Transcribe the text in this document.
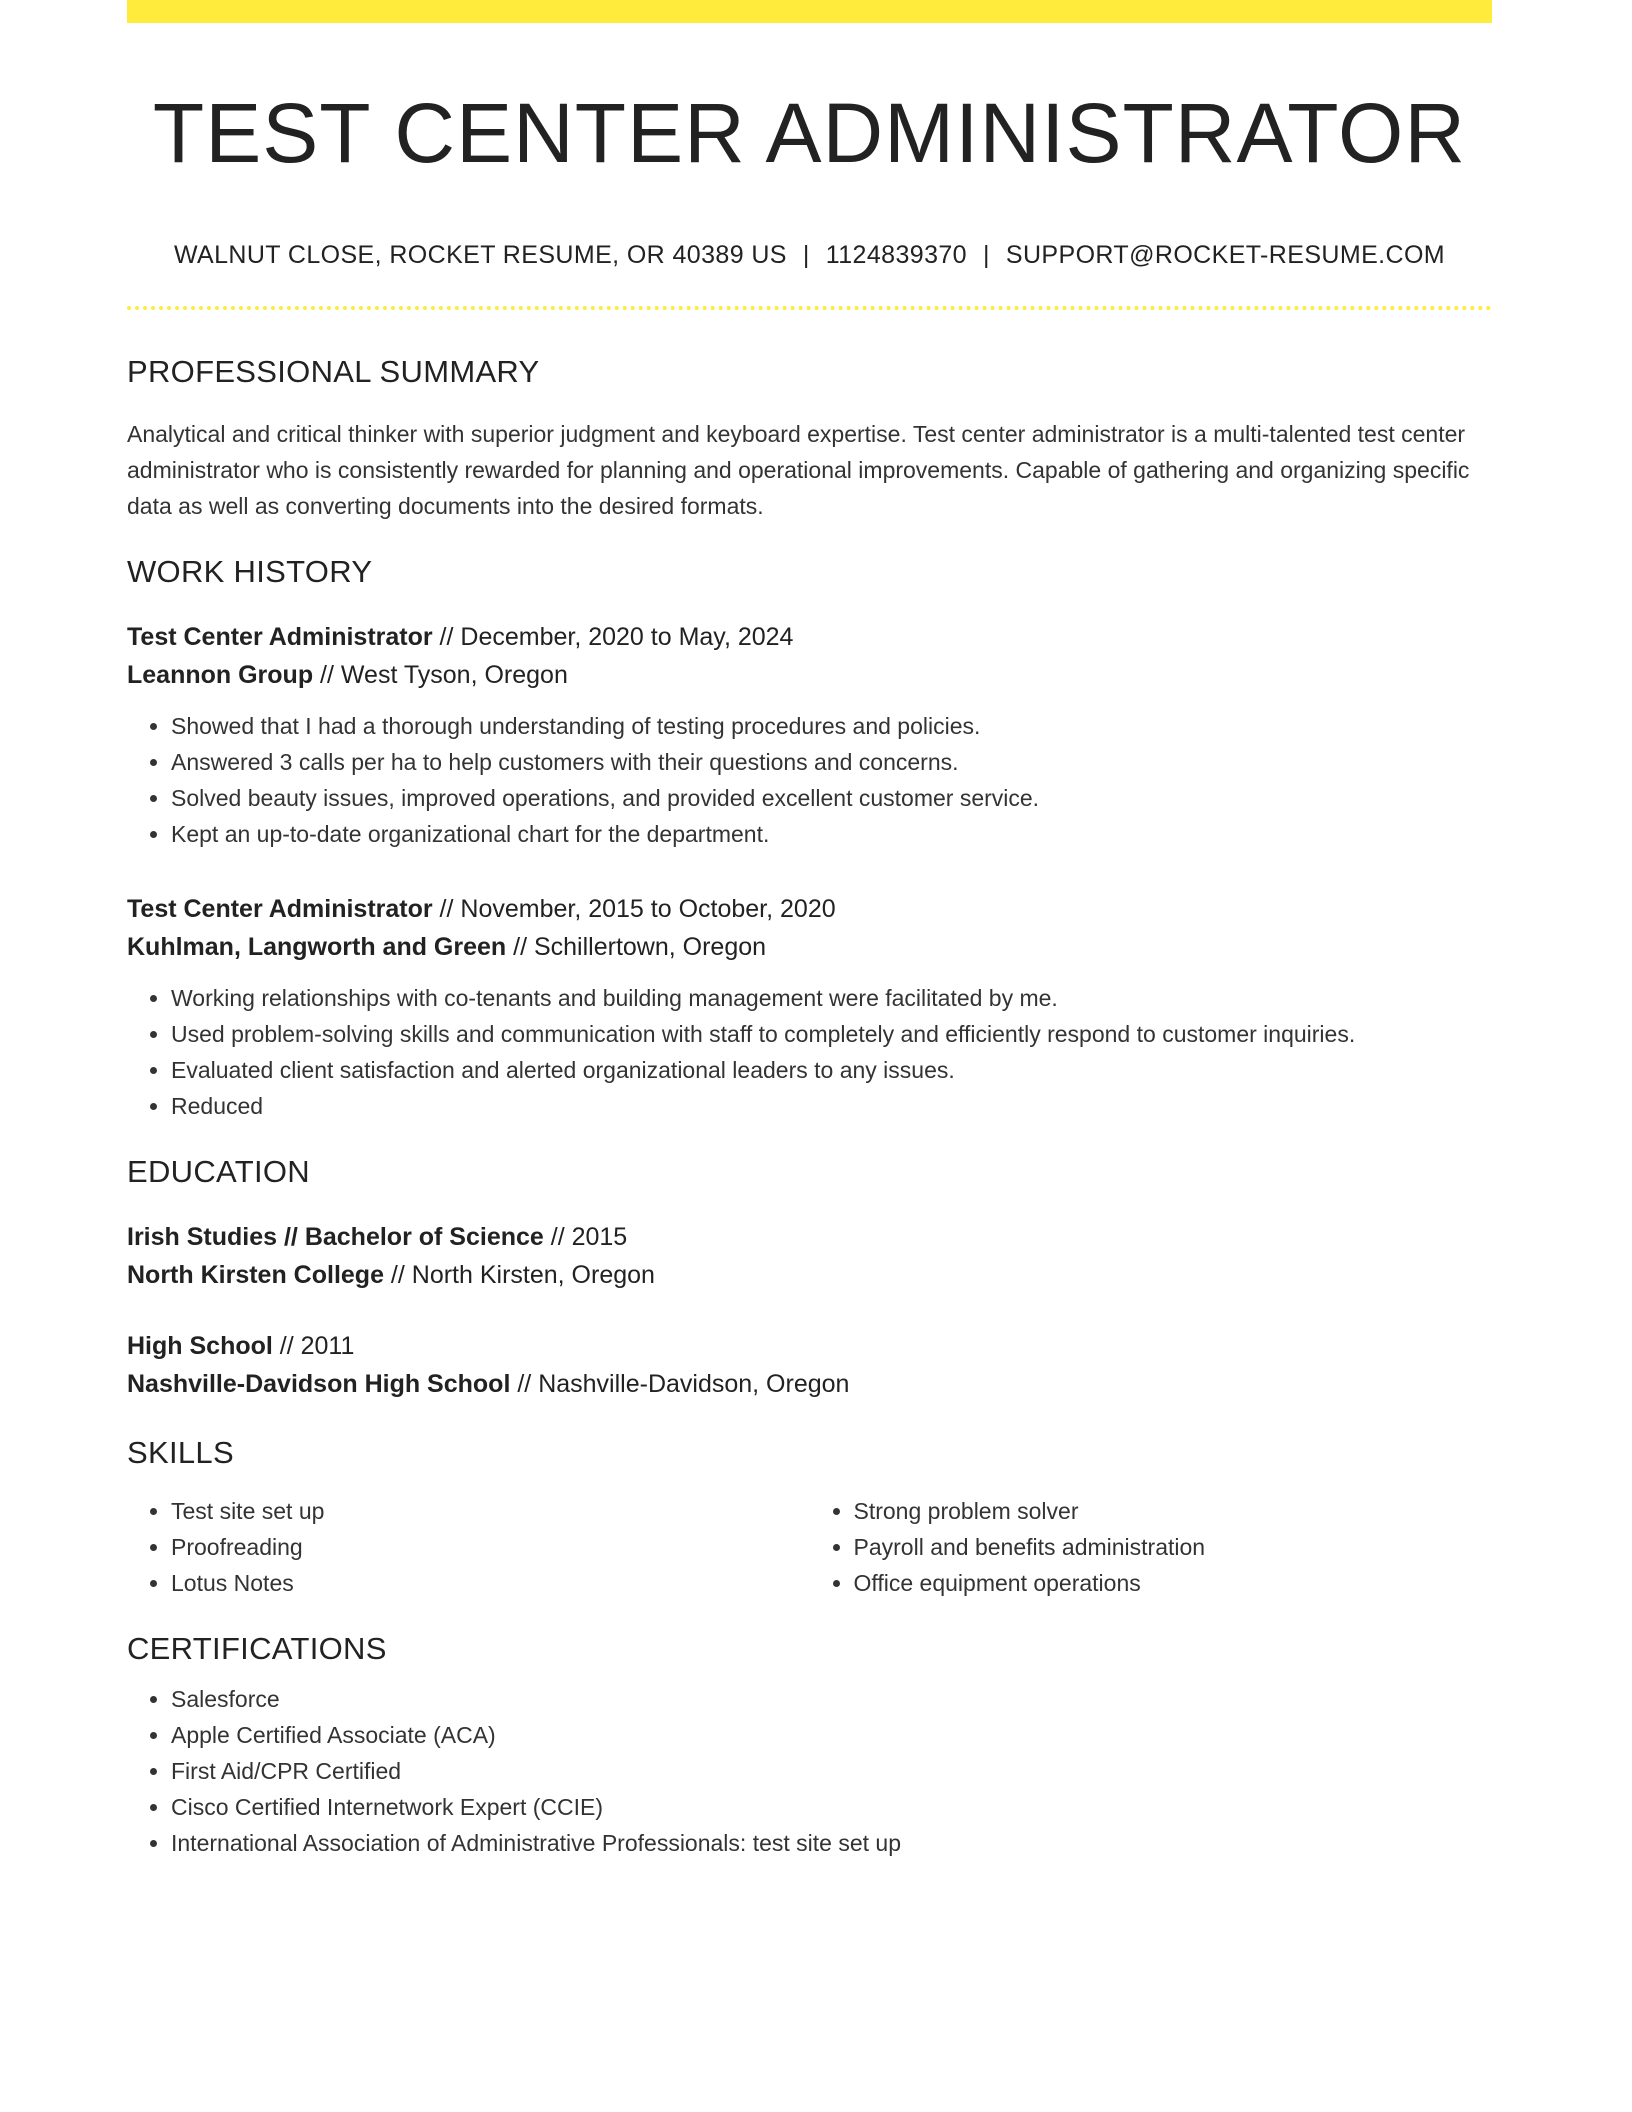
TEST CENTER ADMINISTRATOR
WALNUT CLOSE, ROCKET RESUME, OR 40389 US | 1124839370 | SUPPORT@ROCKET-RESUME.COM
PROFESSIONAL SUMMARY

Analytical and critical thinker with superior judgment and keyboard expertise. Test center administrator is a multi-talented test center administrator who is consistently rewarded for planning and operational improvements. Capable of gathering and organizing specific data as well as converting documents into the desired formats.

WORK HISTORY
Test Center Administrator // December, 2020 to May, 2024
Leannon Group // West Tyson, Oregon
• Showed that I had a thorough understanding of testing procedures and policies.
• Answered 3 calls per ha to help customers with their questions and concerns.
• Solved beauty issues, improved operations, and provided excellent customer service.
• Kept an up-to-date organizational chart for the department.
Test Center Administrator // November, 2015 to October, 2020
Kuhlman, Langworth and Green // Schillertown, Oregon
• Working relationships with co-tenants and building management were facilitated by me.
• Used problem-solving skills and communication with staff to completely and efficiently respond to customer inquiries.
• Evaluated client satisfaction and alerted organizational leaders to any issues.
• Reduced
EDUCATION
Irish Studies // Bachelor of Science // 2015
North Kirsten College // North Kirsten, Oregon
High School // 2011
Nashville-Davidson High School // Nashville-Davidson, Oregon
SKILLS
• Test site set up
• Proofreading
• Lotus Notes
• Strong problem solver
• Payroll and benefits administration
• Office equipment operations
CERTIFICATIONS
• Salesforce
• Apple Certified Associate (ACA)
• First Aid/CPR Certified
• Cisco Certified Internetwork Expert (CCIE)
• International Association of Administrative Professionals: test site set up
